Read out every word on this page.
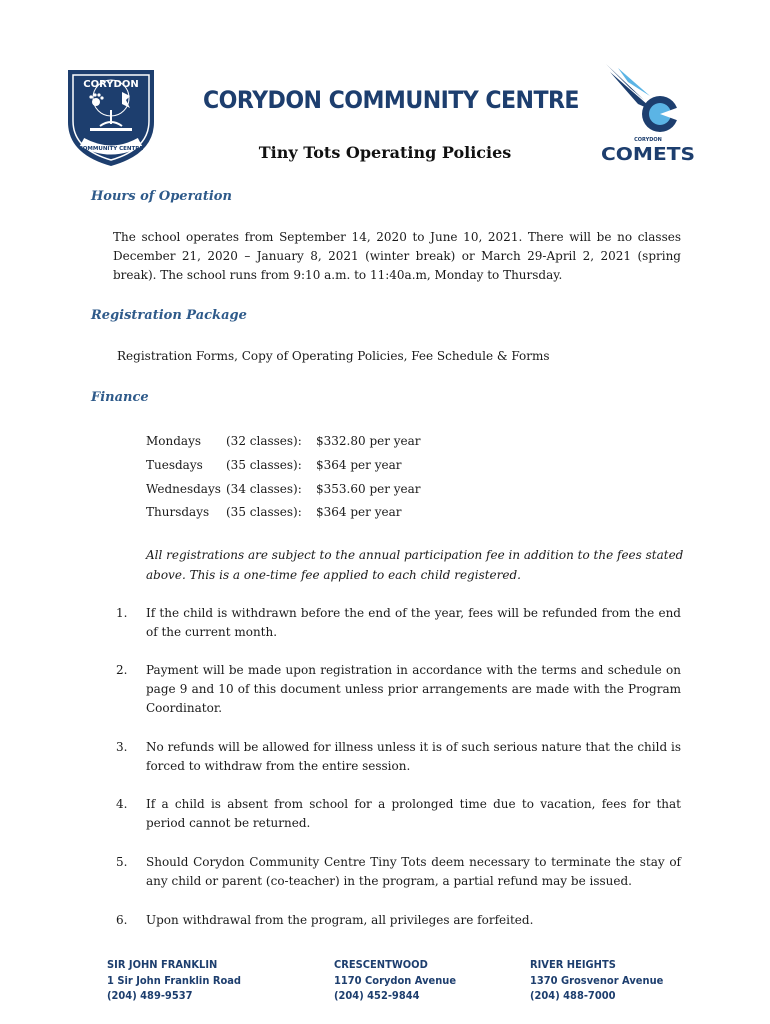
CORYDON
COMMUNITY CENTRE
CORYDON COMMUNITY CENTRE
CORYDON
COMETS
Tiny Tots Operating Policies
Hours of Operation
The school operates from September 14, 2020 to June 10, 2021. There will be no classes December 21, 2020 – January 8, 2021 (winter break) or March 29-April 2, 2021 (spring break). The school runs from 9:10 a.m. to 11:40a.m, Monday to Thursday.
Registration Package
Registration Forms, Copy of Operating Policies, Fee Schedule & Forms
Finance
Mondays (32 classes): $332.80 per year
Tuesdays (35 classes): $364 per year
Wednesdays (34 classes): $353.60 per year
Thursdays (35 classes): $364 per year
All registrations are subject to the annual participation fee in addition to the fees stated above. This is a one-time fee applied to each child registered.
1. If the child is withdrawn before the end of the year, fees will be refunded from the end of the current month.
2. Payment will be made upon registration in accordance with the terms and schedule on page 9 and 10 of this document unless prior arrangements are made with the Program Coordinator.
3. No refunds will be allowed for illness unless it is of such serious nature that the child is forced to withdraw from the entire session.
4. If a child is absent from school for a prolonged time due to vacation, fees for that period cannot be returned.
5. Should Corydon Community Centre Tiny Tots deem necessary to terminate the stay of any child or parent (co-teacher) in the program, a partial refund may be issued.
6. Upon withdrawal from the program, all privileges are forfeited.
SIR JOHN FRANKLIN
1 Sir John Franklin Road
(204) 489-9537
CRESCENTWOOD
1170 Corydon Avenue
(204) 452-9844
RIVER HEIGHTS
1370 Grosvenor Avenue
(204) 488-7000
